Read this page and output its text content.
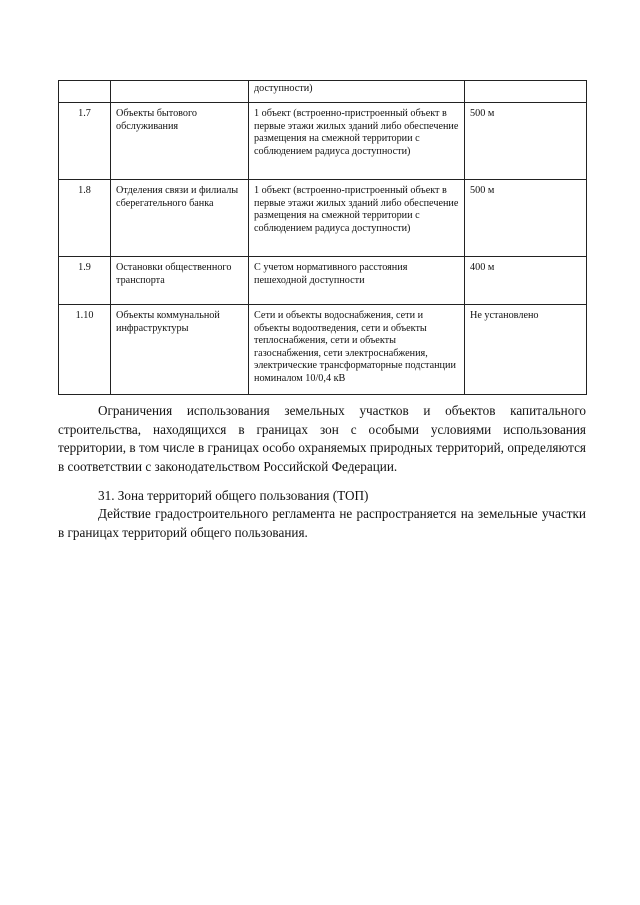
		доступности)	
1.7	Объекты бытового обслуживания	1 объект (встроенно-пристроенный объект в первые этажи жилых зданий либо обеспечение размещения на смежной территории с соблюдением радиуса доступности)	500 м
1.8	Отделения связи и филиалы сберегательного банка	1 объект (встроенно-пристроенный объект в первые этажи жилых зданий либо обеспечение размещения на смежной территории с соблюдением радиуса доступности)	500 м
1.9	Остановки общественного транспорта	С учетом нормативного расстояния пешеходной доступности	400 м
1.10	Объекты коммунальной инфраструктуры	Сети и объекты водоснабжения, сети и объекты водоотведения, сети и объекты теплоснабжения, сети и объекты газоснабжения, сети электроснабжения, электрические трансформаторные подстанции номиналом 10/0,4 кВ	Не установлено

Ограничения использования земельных участков и объектов капитального строительства, находящихся в границах зон с особыми условиями использования территории, в том числе в границах особо охраняемых природных территорий, определяются в соответствии с законодательством Российской Федерации.

31. Зона территорий общего пользования (ТОП)

Действие градостроительного регламента не распространяется на земельные участки в границах территорий общего пользования.
